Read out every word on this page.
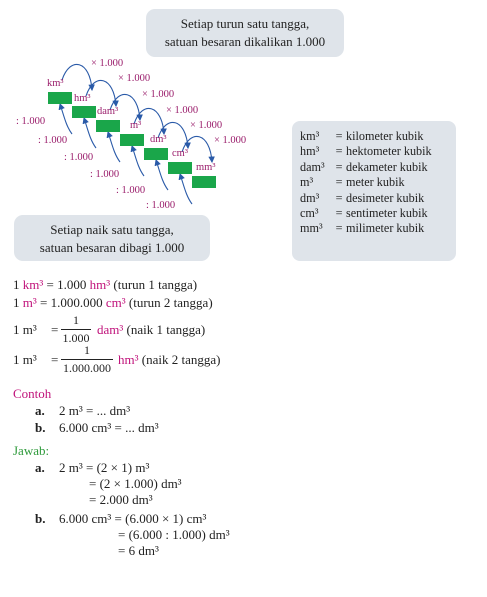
Setiap turun satu tangga,
satuan besaran dikalikan 1.000
km³
hm³
dam³
m³
dm³
cm³
mm³
× 1.000
× 1.000
× 1.000
× 1.000
× 1.000
× 1.000
: 1.000
: 1.000
: 1.000
: 1.000
: 1.000
: 1.000
km³ = kilometer kubik
hm³ = hektometer kubik
dam³ = dekameter kubik
m³ = meter kubik
dm³ = desimeter kubik
cm³ = sentimeter kubik
mm³ = milimeter kubik
Setiap naik satu tangga,
satuan besaran dibagi 1.000
1 km³ = 1.000 hm³ (turun 1 tangga)
1 m³ = 1.000.000 cm³ (turun 2 tangga)
1 m³ =
1
1.000
dam³ (naik 1 tangga)
1 m³ =
1
1.000.000
hm³ (naik 2 tangga)
Contoh
a. 2 m³ = ... dm³
b. 6.000 cm³ = ... dm³
Jawab:
a. 2 m³ = (2 × 1) m³
= (2 × 1.000) dm³
= 2.000 dm³
b. 6.000 cm³ = (6.000 × 1) cm³
= (6.000 : 1.000) dm³
= 6 dm³
